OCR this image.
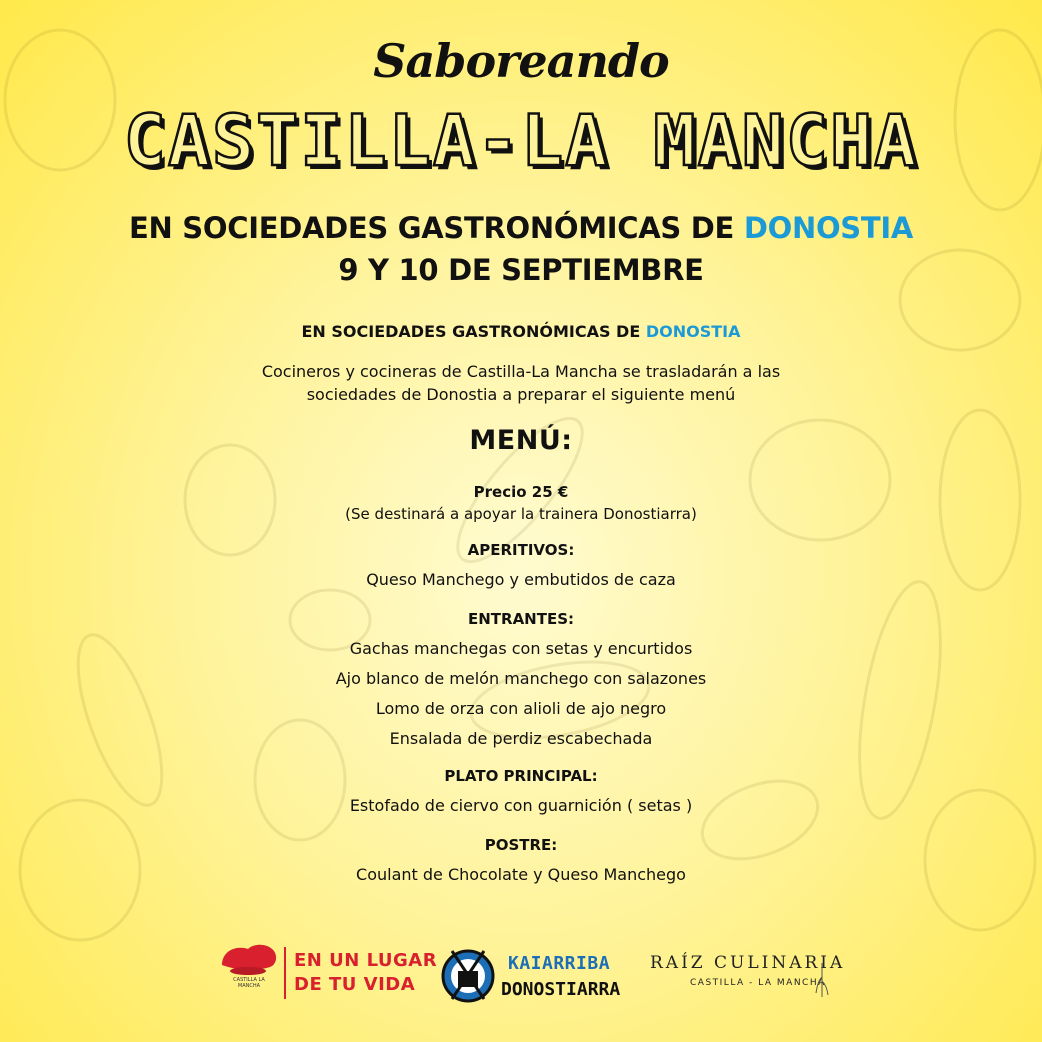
Saboreando
CASTILLA-LA MANCHA
EN SOCIEDADES GASTRONÓMICAS DE DONOSTIA
9 Y 10 DE SEPTIEMBRE
EN SOCIEDADES GASTRONÓMICAS DE DONOSTIA
Cocineros y cocineras de Castilla-La Mancha se trasladarán a las
sociedades de Donostia a preparar el siguiente menú
MENÚ:
Precio 25 €
(Se destinará a apoyar la trainera Donostiarra)
APERITIVOS:
Queso Manchego y embutidos de caza
ENTRANTES:
Gachas manchegas con setas y encurtidos
Ajo blanco de melón manchego con salazones
Lomo de orza con alioli de ajo negro
Ensalada de perdiz escabechada
PLATO PRINCIPAL:
Estofado de ciervo con guarnición ( setas )
POSTRE:
Coulant de Chocolate y Queso Manchego
CASTILLA LA MANCHA
EN UN LUGAR
DE TU VIDA
KAIARRIBA
DONOSTIARRA
RAÍZ CULINARIA
CASTILLA - LA MANCHA
